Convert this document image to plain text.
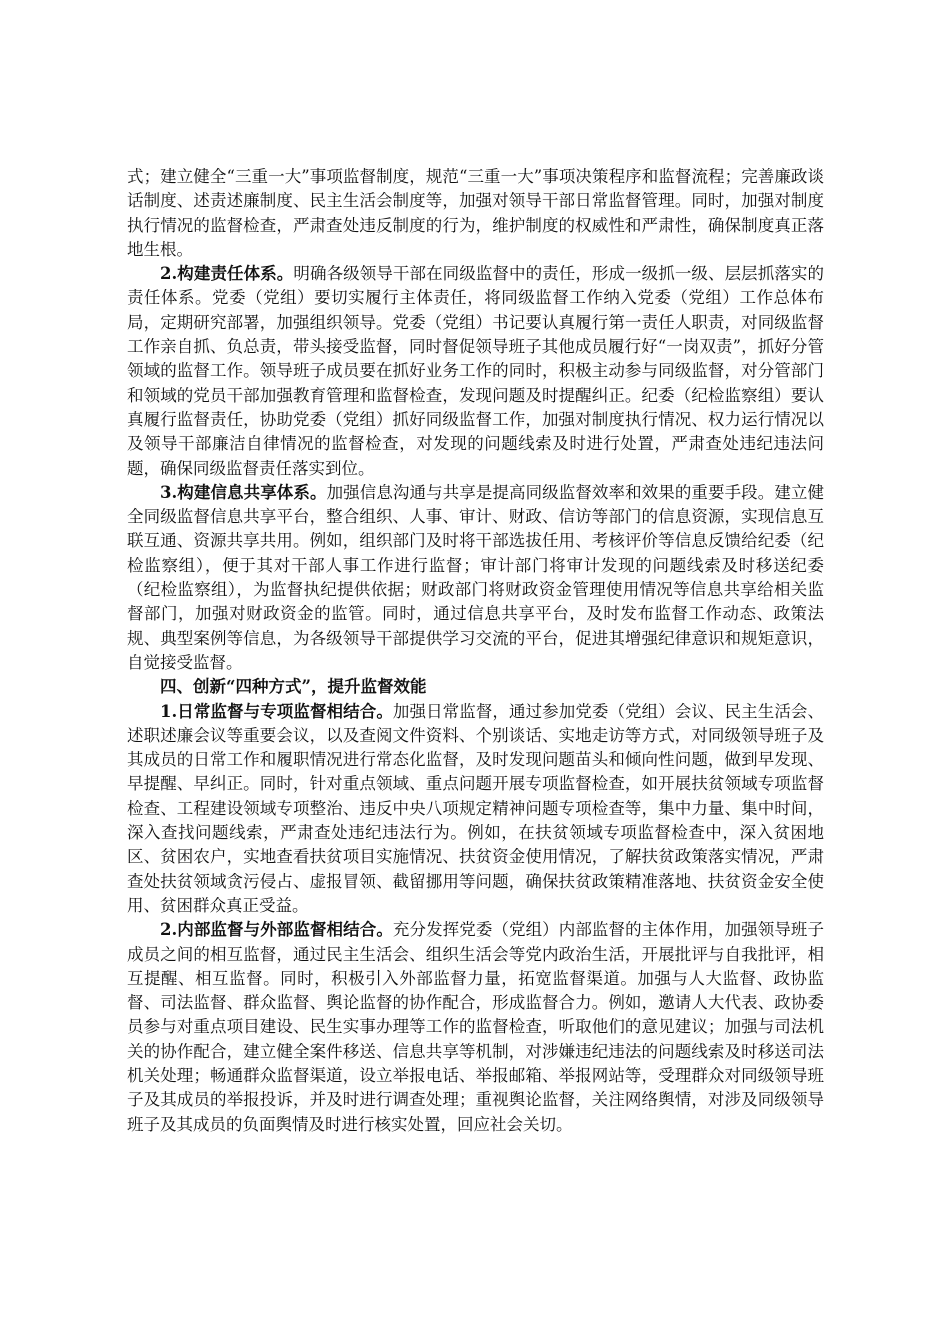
式；建立健全“三重一大”事项监督制度，规范“三重一大”事项决策程序和监督流程；完善廉政谈话制度、述责述廉制度、民主生活会制度等，加强对领导干部日常监督管理。同时，加强对制度执行情况的监督检查，严肃查处违反制度的行为，维护制度的权威性和严肃性，确保制度真正落地生根。

2.构建责任体系。明确各级领导干部在同级监督中的责任，形成一级抓一级、层层抓落实的责任体系。党委（党组）要切实履行主体责任，将同级监督工作纳入党委（党组）工作总体布局，定期研究部署，加强组织领导。党委（党组）书记要认真履行第一责任人职责，对同级监督工作亲自抓、负总责，带头接受监督，同时督促领导班子其他成员履行好“一岗双责”，抓好分管领域的监督工作。领导班子成员要在抓好业务工作的同时，积极主动参与同级监督，对分管部门和领域的党员干部加强教育管理和监督检查，发现问题及时提醒纠正。纪委（纪检监察组）要认真履行监督责任，协助党委（党组）抓好同级监督工作，加强对制度执行情况、权力运行情况以及领导干部廉洁自律情况的监督检查，对发现的问题线索及时进行处置，严肃查处违纪违法问题，确保同级监督责任落实到位。

3.构建信息共享体系。加强信息沟通与共享是提高同级监督效率和效果的重要手段。建立健全同级监督信息共享平台，整合组织、人事、审计、财政、信访等部门的信息资源，实现信息互联互通、资源共享共用。例如，组织部门及时将干部选拔任用、考核评价等信息反馈给纪委（纪检监察组），便于其对干部人事工作进行监督；审计部门将审计发现的问题线索及时移送纪委（纪检监察组），为监督执纪提供依据；财政部门将财政资金管理使用情况等信息共享给相关监督部门，加强对财政资金的监管。同时，通过信息共享平台，及时发布监督工作动态、政策法规、典型案例等信息，为各级领导干部提供学习交流的平台，促进其增强纪律意识和规矩意识，自觉接受监督。

四、创新“四种方式”，提升监督效能

1.日常监督与专项监督相结合。加强日常监督，通过参加党委（党组）会议、民主生活会、述职述廉会议等重要会议，以及查阅文件资料、个别谈话、实地走访等方式，对同级领导班子及其成员的日常工作和履职情况进行常态化监督，及时发现问题苗头和倾向性问题，做到早发现、早提醒、早纠正。同时，针对重点领域、重点问题开展专项监督检查，如开展扶贫领域专项监督检查、工程建设领域专项整治、违反中央八项规定精神问题专项检查等，集中力量、集中时间，深入查找问题线索，严肃查处违纪违法行为。例如，在扶贫领域专项监督检查中，深入贫困地区、贫困农户，实地查看扶贫项目实施情况、扶贫资金使用情况，了解扶贫政策落实情况，严肃查处扶贫领域贪污侵占、虚报冒领、截留挪用等问题，确保扶贫政策精准落地、扶贫资金安全使用、贫困群众真正受益。

2.内部监督与外部监督相结合。充分发挥党委（党组）内部监督的主体作用，加强领导班子成员之间的相互监督，通过民主生活会、组织生活会等党内政治生活，开展批评与自我批评，相互提醒、相互监督。同时，积极引入外部监督力量，拓宽监督渠道。加强与人大监督、政协监督、司法监督、群众监督、舆论监督的协作配合，形成监督合力。例如，邀请人大代表、政协委员参与对重点项目建设、民生实事办理等工作的监督检查，听取他们的意见建议；加强与司法机关的协作配合，建立健全案件移送、信息共享等机制，对涉嫌违纪违法的问题线索及时移送司法机关处理；畅通群众监督渠道，设立举报电话、举报邮箱、举报网站等，受理群众对同级领导班子及其成员的举报投诉，并及时进行调查处理；重视舆论监督，关注网络舆情，对涉及同级领导班子及其成员的负面舆情及时进行核实处置，回应社会关切。
